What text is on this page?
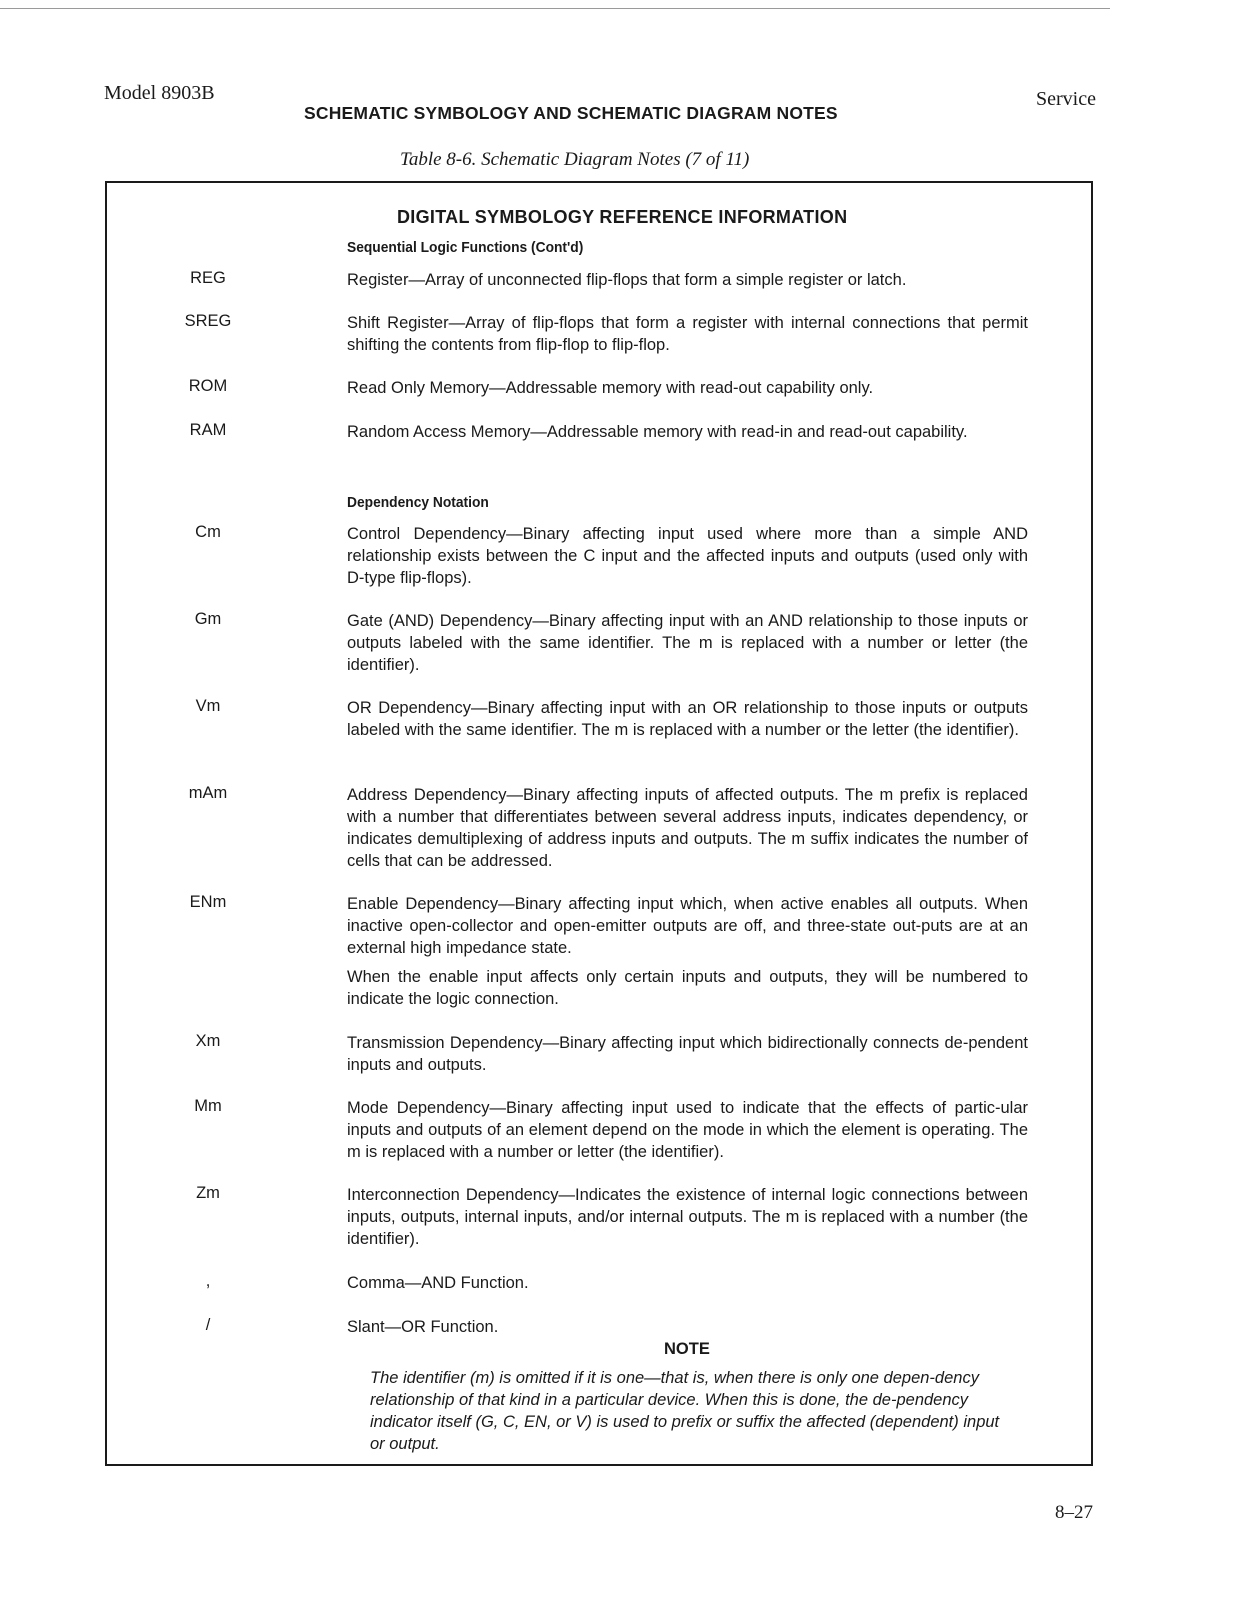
Model 8903B
SCHEMATIC SYMBOLOGY AND SCHEMATIC DIAGRAM NOTES
Service
Table 8-6. Schematic Diagram Notes (7 of 11)
DIGITAL SYMBOLOGY REFERENCE INFORMATION
Sequential Logic Functions (Cont'd)
REG	Register—Array of unconnected flip-flops that form a simple register or latch.
SREG	Shift Register—Array of flip-flops that form a register with internal connections that permit shifting the contents from flip-flop to flip-flop.
ROM	Read Only Memory—Addressable memory with read-out capability only.
RAM	Random Access Memory—Addressable memory with read-in and read-out capability.
Dependency Notation
Cm	Control Dependency—Binary affecting input used where more than a simple AND relationship exists between the C input and the affected inputs and outputs (used only with D-type flip-flops).
Gm	Gate (AND) Dependency—Binary affecting input with an AND relationship to those inputs or outputs labeled with the same identifier. The m is replaced with a number or letter (the identifier).
Vm	OR Dependency—Binary affecting input with an OR relationship to those inputs or outputs labeled with the same identifier. The m is replaced with a number or the letter (the identifier).
mAm	Address Dependency—Binary affecting inputs of affected outputs. The m prefix is replaced with a number that differentiates between several address inputs, indicates dependency, or indicates demultiplexing of address inputs and outputs. The m suffix indicates the number of cells that can be addressed.
ENm	Enable Dependency—Binary affecting input which, when active enables all outputs. When inactive open-collector and open-emitter outputs are off, and three-state out-puts are at an external high impedance state.
When the enable input affects only certain inputs and outputs, they will be numbered to indicate the logic connection.
Xm	Transmission Dependency—Binary affecting input which bidirectionally connects de-pendent inputs and outputs.
Mm	Mode Dependency—Binary affecting input used to indicate that the effects of partic-ular inputs and outputs of an element depend on the mode in which the element is operating. The m is replaced with a number or letter (the identifier).
Zm	Interconnection Dependency—Indicates the existence of internal logic connections between inputs, outputs, internal inputs, and/or internal outputs. The m is replaced with a number (the identifier).
,	Comma—AND Function.
/	Slant—OR Function.
NOTE
The identifier (m) is omitted if it is one—that is, when there is only one depen-dency relationship of that kind in a particular device. When this is done, the de-pendency indicator itself (G, C, EN, or V) is used to prefix or suffix the affected (dependent) input or output.
8–27
